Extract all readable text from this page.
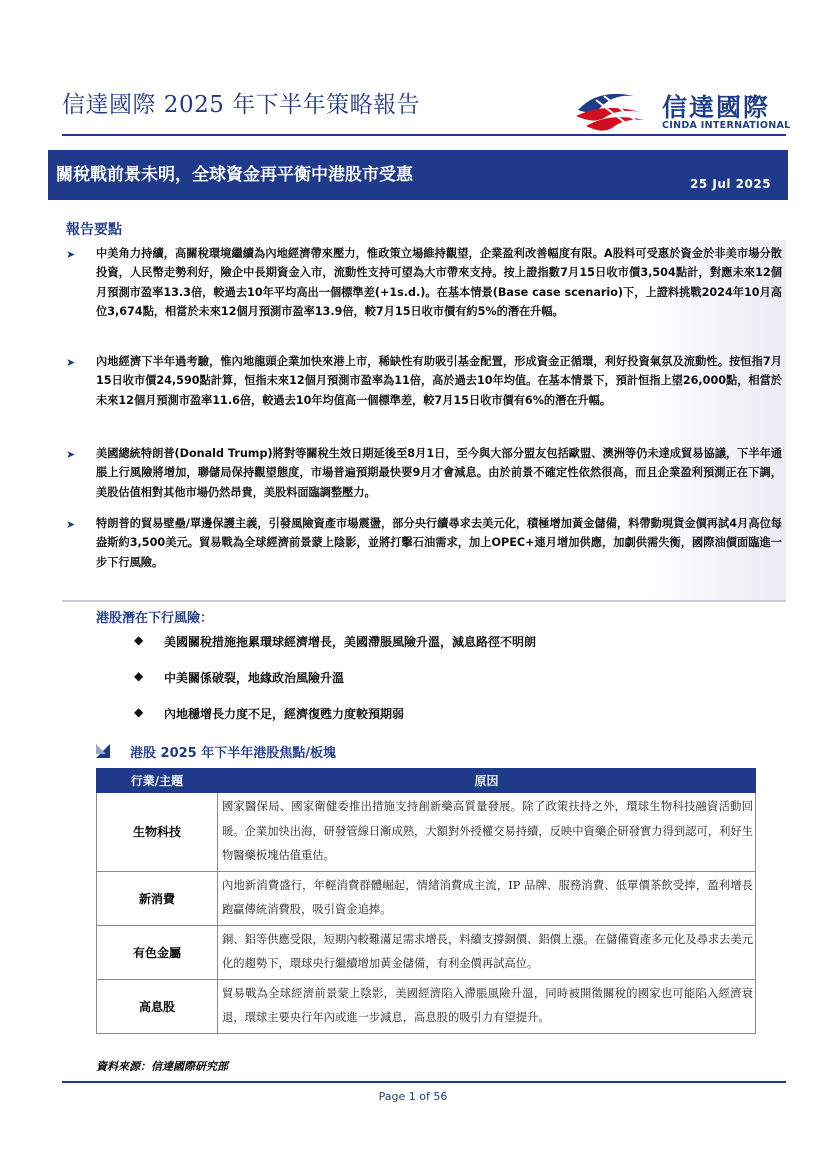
信達國際 2025 年下半年策略報告	信達國際
CINDA INTERNATIONAL
關稅戰前景未明，全球資金再平衡中港股市受惠	25 Jul 2025
報告要點
➤ 中美角力持續，高關稅環境繼續為內地經濟帶來壓力，惟政策立場維持觀望，企業盈利改善幅度有限。A股料可受惠於資金於非美市場分散投資，人民幣走勢利好，險企中長期資金入市，流動性支持可望為大市帶來支持。按上證指數7月15日收市價3,504點計，對應未來12個月預測市盈率13.3倍，較過去10年平均高出一個標準差(+1s.d.)。在基本情景(Base case scenario)下，上證料挑戰2024年10月高位3,674點，相當於未來12個月預測市盈率13.9倍，較7月15日收市價有約5%的潛在升幅。
➤ 內地經濟下半年過考驗，惟內地龍頭企業加快來港上市，稀缺性有助吸引基金配置，形成資金正循環，利好投資氣氛及流動性。按恒指7月15日收市價24,590點計算，恒指未來12個月預測市盈率為11倍，高於過去10年均值。在基本情景下，預計恒指上望26,000點，相當於未來12個月預測市盈率11.6倍，較過去10年均值高一個標準差，較7月15日收市價有6%的潛在升幅。
➤ 美國總統特朗普(Donald Trump)將對等關稅生效日期延後至8月1日，至今與大部分盟友包括歐盟、澳洲等仍未達成貿易協議，下半年通脹上行風險將增加，聯儲局保持觀望態度，市場普遍預期最快要9月才會減息。由於前景不確定性依然很高，而且企業盈利預測正在下調，美股估值相對其他市場仍然昂貴，美股料面臨調整壓力。
➤ 特朗普的貿易壁壘/單邊保護主義，引發風險資產市場震盪，部分央行續尋求去美元化，積極增加黃金儲備，料帶動現貨金價再試4月高位每盎斯約3,500美元。貿易戰為全球經濟前景蒙上陰影，並將打擊石油需求，加上OPEC+連月增加供應，加劇供需失衡，國際油價面臨進一步下行風險。
港股潛在下行風險：
◆ 美國關稅措施拖累環球經濟增長，美國滯脹風險升溫，減息路徑不明朗
◆ 中美關係破裂，地緣政治風險升溫
◆ 內地穩增長力度不足，經濟復甦力度較預期弱
港股 2025 年下半年港股焦點/板塊
行業/主題	原因
生物科技	國家醫保局、國家衛健委推出措施支持創新藥高質量發展。除了政策扶持之外，環球生物科技融資活動回暖。企業加快出海，研發管線日漸成熟，大額對外授權交易持續，反映中資藥企研發實力得到認可，利好生物醫藥板塊估值重估。
新消費	內地新消費盛行，年輕消費群體崛起，情緒消費成主流，IP 品牌、服務消費、低單價茶飲受捧，盈利增長跑贏傳統消費股，吸引資金追捧。
有色金屬	銅、鋁等供應受限，短期內較難滿足需求增長，料續支撐銅價、鋁價上漲。在儲備資產多元化及尋求去美元化的趨勢下，環球央行繼續增加黃金儲備，有利金價再試高位。
高息股	貿易戰為全球經濟前景蒙上陰影，美國經濟陷入滯脹風險升溫，同時被開徵關稅的國家也可能陷入經濟衰退，環球主要央行年內或進一步減息，高息股的吸引力有望提升。
資料來源：信達國際研究部
Page 1 of 56
